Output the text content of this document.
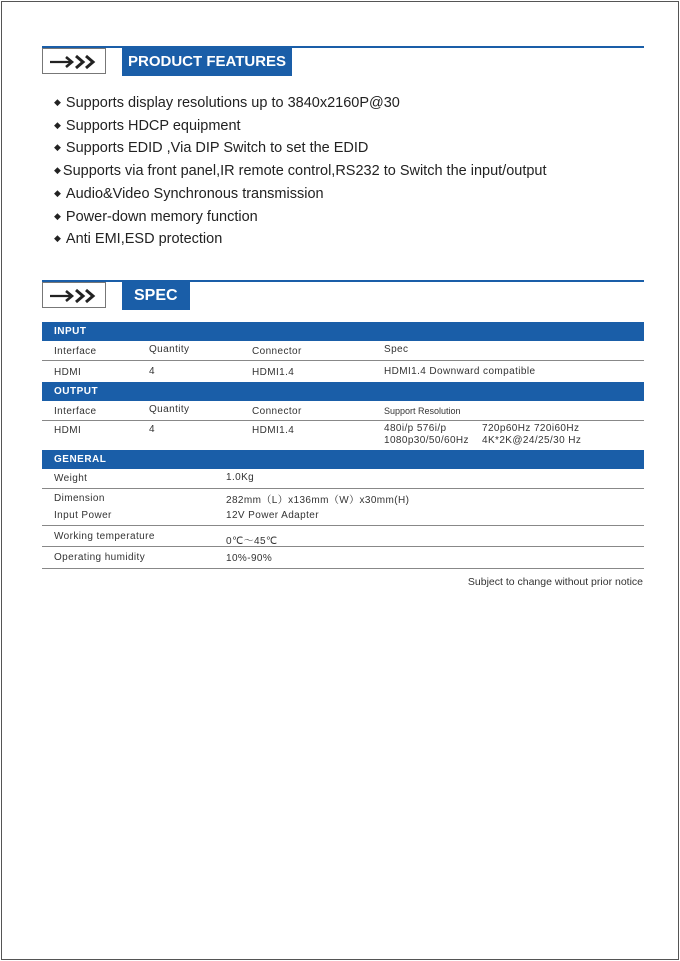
PRODUCT FEATURES
◆ Supports display resolutions up to 3840x2160P@30
◆ Supports HDCP equipment
◆ Supports EDID ,Via DIP Switch to set the EDID
◆ Supports via front panel,IR remote control,RS232 to Switch the input/output
◆ Audio&Video Synchronous transmission
◆ Power-down memory function
◆ Anti EMI,ESD protection
SPEC
INPUT
Interface	Quantity	Connector	Spec
HDMI	4	HDMI1.4	HDMI1.4 Downward compatible
OUTPUT
Interface	Quantity	Connector	Support Resolution
HDMI	4	HDMI1.4	480i/p 576i/p	720p60Hz 720i60Hz
1080p30/50/60Hz 4K*2K@24/25/30 Hz
GENERAL
Weight	1.0Kg
Dimension	282mm（L）x136mm（W）x30mm(H)
Input Power	12V Power Adapter
Working temperature	0℃～45℃
Operating humidity	10%-90%
Subject to change without prior notice
